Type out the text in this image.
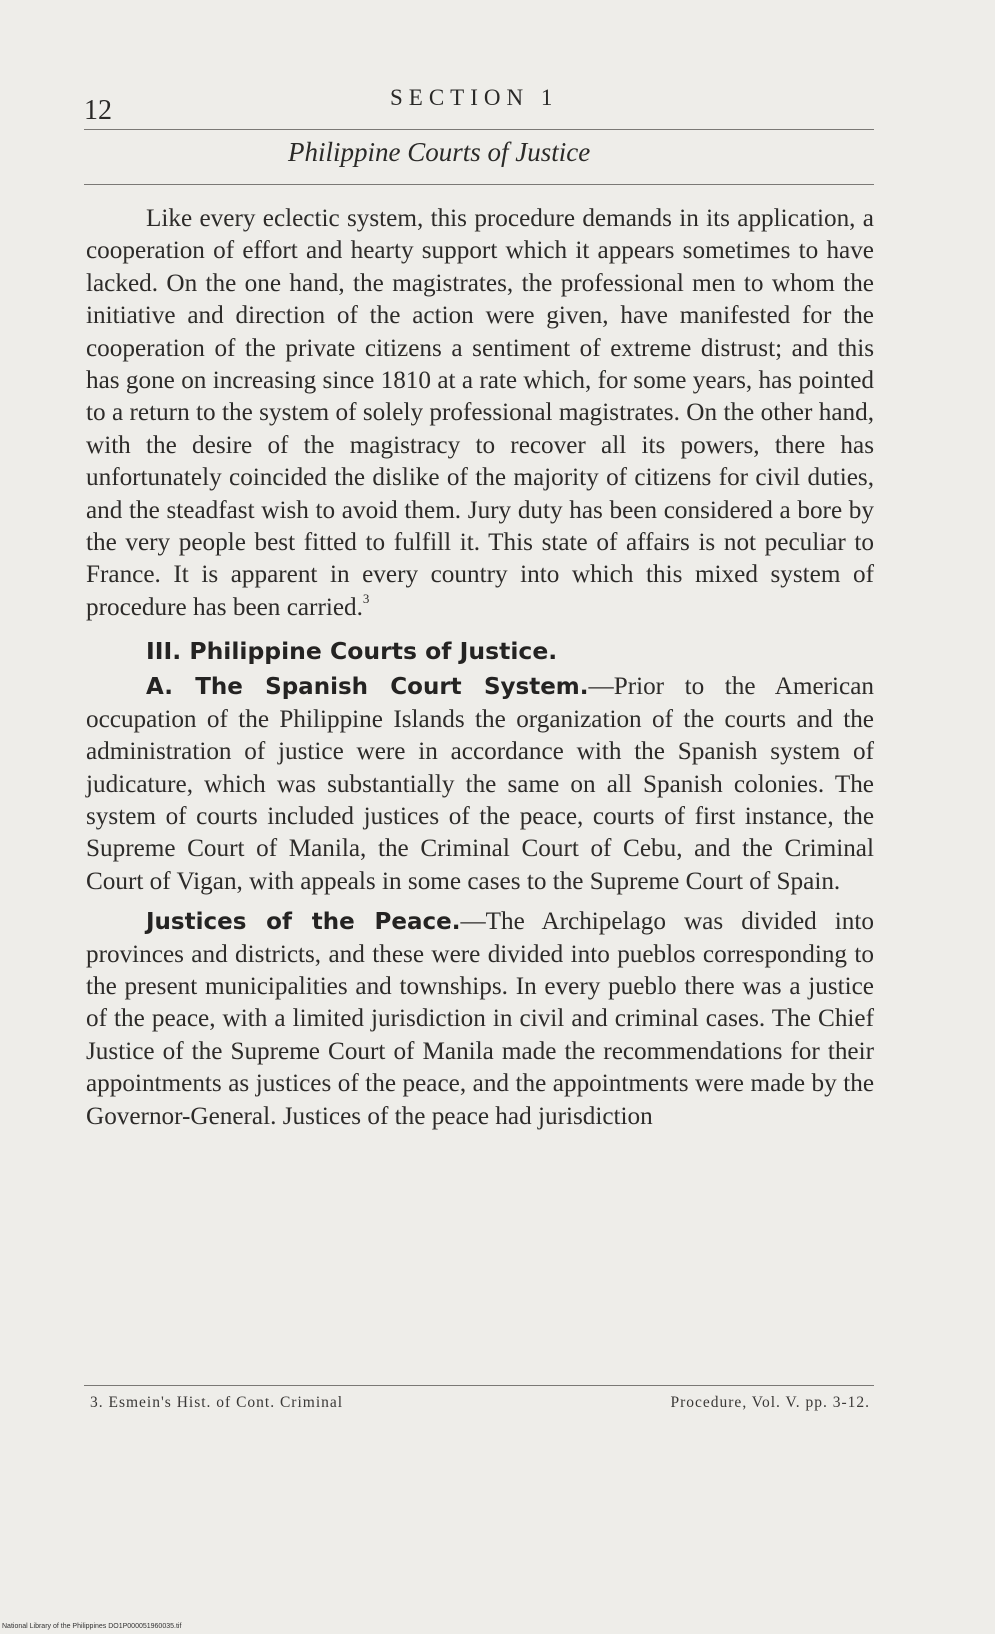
12	SECTION 1
Philippine Courts of Justice

Like every eclectic system, this procedure demands in its application, a cooperation of effort and hearty support which it appears sometimes to have lacked. On the one hand, the magistrates, the professional men to whom the initiative and direction of the action were given, have manifested for the cooperation of the private citizens a sentiment of extreme distrust; and this has gone on increasing since 1810 at a rate which, for some years, has pointed to a return to the system of solely professional magistrates. On the other hand, with the desire of the magistracy to recover all its powers, there has unfortunately coincided the dislike of the majority of citizens for civil duties, and the steadfast wish to avoid them. Jury duty has been considered a bore by the very people best fitted to fulfill it. This state of affairs is not peculiar to France. It is apparent in every country into which this mixed system of procedure has been carried.$^3$

III. Philippine Courts of Justice.

A. The Spanish Court System.—Prior to the American occupation of the Philippine Islands the organization of the courts and the administration of justice were in accordance with the Spanish system of judicature, which was substantially the same on all Spanish colonies. The system of courts included justices of the peace, courts of first instance, the Supreme Court of Manila, the Criminal Court of Cebu, and the Criminal Court of Vigan, with appeals in some cases to the Supreme Court of Spain.

Justices of the Peace.—The Archipelago was divided into provinces and districts, and these were divided into pueblos corresponding to the present municipalities and townships. In every pueblo there was a justice of the peace, with a limited jurisdiction in civil and criminal cases. The Chief Justice of the Supreme Court of Manila made the recommendations for their appointments as justices of the peace, and the appointments were made by the Governor-General. Justices of the peace had jurisdiction

3. Esmein's Hist. of Cont. Criminal	Procedure, Vol. V. pp. 3-12.
National Library of the Philippines DO1P000051960035.tif
